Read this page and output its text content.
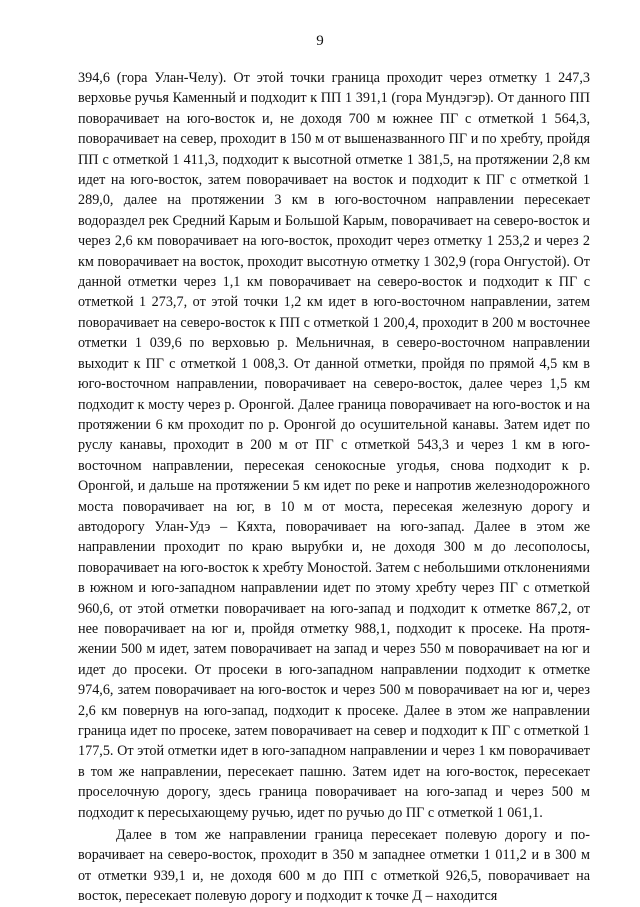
9

394,6 (гора Улан-Челу). От этой точки граница проходит через отметку 1 247,3 верховье ручья Каменный и подходит к ПП 1 391,1 (гора Мундэгэр). От данного ПП поворачивает на юго-восток и, не доходя 700 м южнее ПГ с отметкой 1 564,3, поворачивает на север, проходит в 150 м от вышеназванного ПГ и по хребту, пройдя ПП с отметкой 1 411,3, подходит к высотной отметке 1 381,5, на протяжении 2,8 км идет на юго-восток, затем поворачивает на восток и подходит к ПГ с отметкой 1 289,0, далее на протяжении 3 км в юго-восточном направлении пересекает водораздел рек Средний Карым и Большой Карым, поворачивает на северо-восток и через 2,6 км поворачивает на юго-восток, проходит через отметку 1 253,2 и через 2 км поворачивает на восток, проходит высотную отметку 1 302,9 (гора Онгустой). От данной отметки через 1,1 км поворачивает на северо-восток и подходит к ПГ с отметкой 1 273,7, от этой точки 1,2 км идет в юго-восточном направлении, затем поворачивает на северо-восток к ПП с отметкой 1 200,4, проходит в 200 м восточнее отметки 1 039,6 по верховью р. Мельничная, в северо-восточном направлении выходит к ПГ с отметкой 1 008,3. От данной отметки, пройдя по прямой 4,5 км в юго-восточном направлении, поворачивает на северо-восток, далее через 1,5 км подходит к мосту через р. Оронгой. Далее граница поворачивает на юго-восток и на протяжении 6 км проходит по р. Оронгой до осушительной канавы. Затем идет по руслу канавы, проходит в 200 м от ПГ с отметкой 543,3 и через 1 км в юго-восточном направлении, пересекая сенокосные угодья, снова подходит к р. Оронгой, и дальше на протяжении 5 км идет по реке и напротив железнодорожного моста поворачивает на юг, в 10 м от моста, пересекая железную дорогу и автодорогу Улан-Удэ – Кяхта, поворачивает на юго-запад. Далее в этом же направлении проходит по краю вырубки и, не доходя 300 м до лесополосы, поворачивает на юго-восток к хребту Моностой. Затем с небольшими отклонениями в южном и юго-западном направлении идет по этому хребту через ПГ с отметкой 960,6, от этой отметки поворачивает на юго-запад и подходит к отметке 867,2, от нее поворачивает на юг и, пройдя отметку 988,1, подходит к просеке. На протяжении 500 м идет, затем поворачивает на запад и через 550 м поворачивает на юг и идет до просеки. От просеки в юго-западном направлении подходит к отметке 974,6, затем поворачивает на юго-восток и через 500 м поворачивает на юг и, через 2,6 км повернув на юго-запад, подходит к просеке. Далее в этом же направлении граница идет по просеке, затем поворачивает на север и подходит к ПГ с отметкой 1 177,5. От этой отметки идет в юго-западном направлении и через 1 км поворачивает в том же направлении, пересекает пашню. Затем идет на юго-восток, пересекает проселочную дорогу, здесь граница поворачивает на юго-запад и через 500 м подходит к пересыхающему ручью, идет по ручью до ПГ с отметкой 1 061,1.

Далее в том же направлении граница пересекает полевую дорогу и поворачивает на северо-восток, проходит в 350 м западнее отметки 1 011,2 и в 300 м от отметки 939,1 и, не доходя 600 м до ПП с отметкой 926,5, поворачивает на восток, пересекает полевую дорогу и подходит к точке Д – находится
